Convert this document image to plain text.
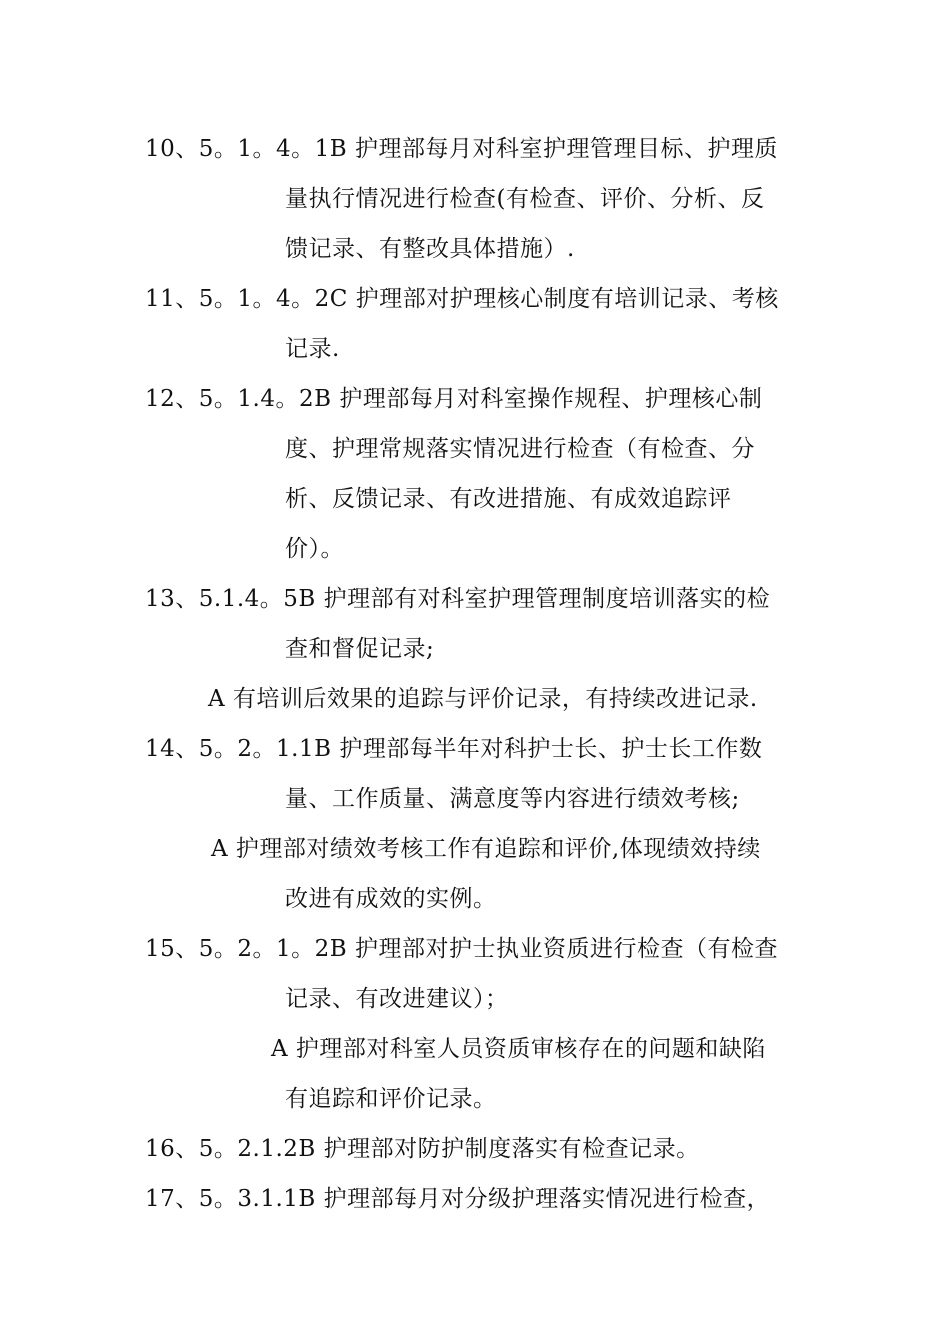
10、5。1。4。1B 护理部每月对科室护理管理目标、护理质
量执行情况进行检查(有检查、评价、分析、反
馈记录、有整改具体措施）.
11、5。1。4。2C 护理部对护理核心制度有培训记录、考核
记录.
12、5。1.4。2B 护理部每月对科室操作规程、护理核心制
度、护理常规落实情况进行检查（有检查、分
析、反馈记录、有改进措施、有成效追踪评
价）。
13、5.1.4。5B 护理部有对科室护理管理制度培训落实的检
查和督促记录;
A 有培训后效果的追踪与评价记录，有持续改进记录.
14、5。2。1.1B 护理部每半年对科护士长、护士长工作数
量、工作质量、满意度等内容进行绩效考核;
A 护理部对绩效考核工作有追踪和评价,体现绩效持续
改进有成效的实例。
15、5。2。1。2B 护理部对护士执业资质进行检查（有检查
记录、有改进建议）；
A 护理部对科室人员资质审核存在的问题和缺陷
有追踪和评价记录。
16、5。2.1.2B 护理部对防护制度落实有检查记录。
17、5。3.1.1B 护理部每月对分级护理落实情况进行检查，
